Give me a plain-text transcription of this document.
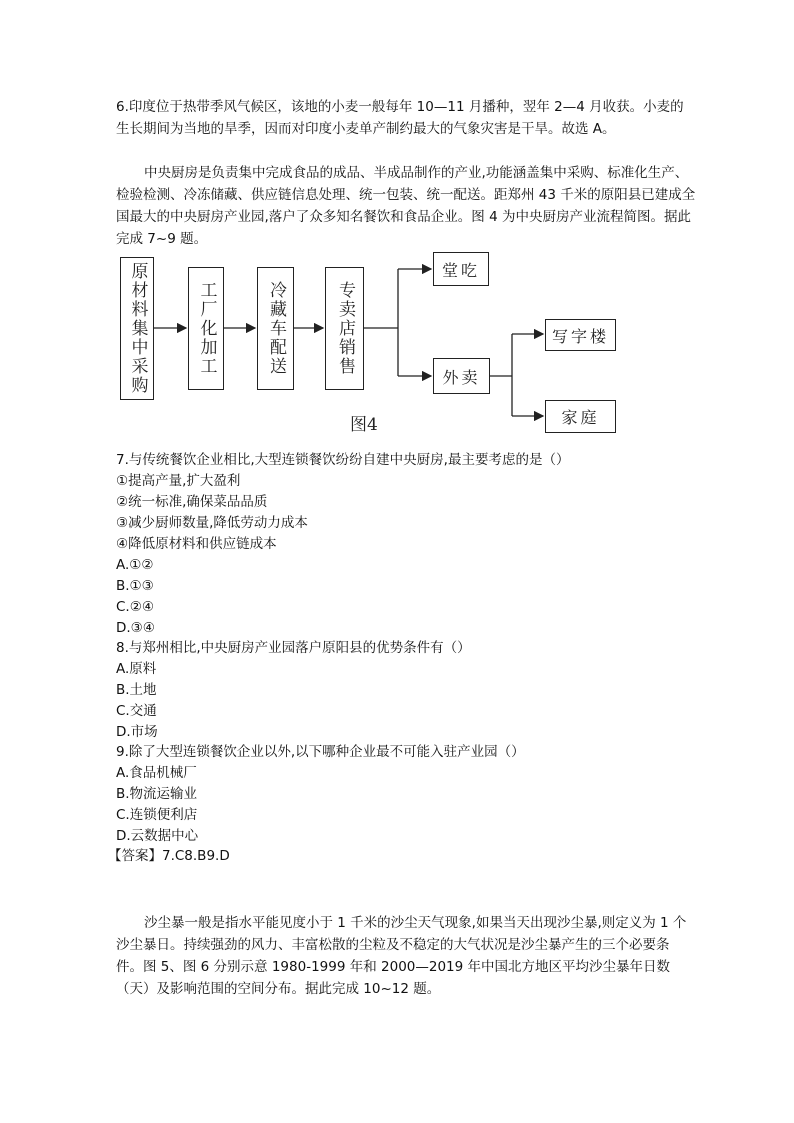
6.印度位于热带季风气候区，该地的小麦一般每年 10—11 月播种，翌年 2—4 月收获。小麦的生长期间为当地的旱季，因而对印度小麦单产制约最大的气象灾害是干旱。故选 A。

中央厨房是负责集中完成食品的成品、半成品制作的产业,功能涵盖集中采购、标准化生产、检验检测、冷冻储藏、供应链信息处理、统一包装、统一配送。距郑州 43 千米的原阳县已建成全国最大的中央厨房产业园,落户了众多知名餐饮和食品企业。图 4 为中央厨房产业流程简图。据此完成 7~9 题。

原材料集中采购	工厂化加工	冷藏车配送	专卖店销售
堂吃
外卖
写字楼
家庭
图4
7.与传统餐饮企业相比,大型连锁餐饮纷纷自建中央厨房,最主要考虑的是（）
①提高产量,扩大盈利
②统一标准,确保菜品品质
③减少厨师数量,降低劳动力成本
④降低原材料和供应链成本
A.①②
B.①③
C.②④
D.③④
8.与郑州相比,中央厨房产业园落户原阳县的优势条件有（）
A.原料
B.土地
C.交通
D.市场
9.除了大型连锁餐饮企业以外,以下哪种企业最不可能入驻产业园（）
A.食品机械厂
B.物流运输业
C.连锁便利店
D.云数据中心
【答案】7.C8.B9.D

沙尘暴一般是指水平能见度小于 1 千米的沙尘天气现象,如果当天出现沙尘暴,则定义为 1 个沙尘暴日。持续强劲的风力、丰富松散的尘粒及不稳定的大气状况是沙尘暴产生的三个必要条件。图 5、图 6 分别示意 1980-1999 年和 2000—2019 年中国北方地区平均沙尘暴年日数（天）及影响范围的空间分布。据此完成 10~12 题。
